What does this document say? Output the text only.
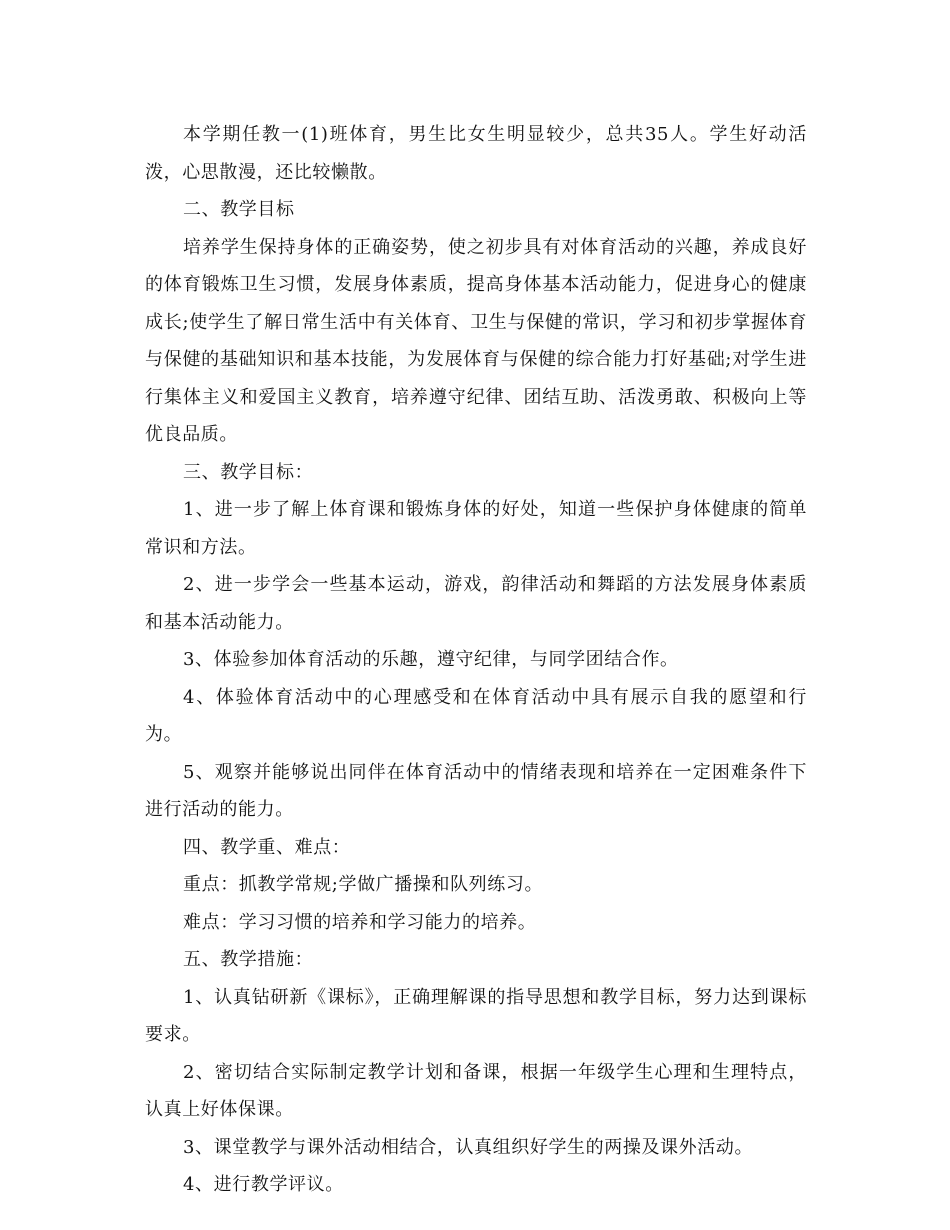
本学期任教一(1)班体育，男生比女生明显较少，总共35人。学生好动活泼，心思散漫，还比较懒散。

二、教学目标

培养学生保持身体的正确姿势，使之初步具有对体育活动的兴趣，养成良好的体育锻炼卫生习惯，发展身体素质，提高身体基本活动能力，促进身心的健康成长;使学生了解日常生活中有关体育、卫生与保健的常识，学习和初步掌握体育与保健的基础知识和基本技能，为发展体育与保健的综合能力打好基础;对学生进行集体主义和爱国主义教育，培养遵守纪律、团结互助、活泼勇敢、积极向上等优良品质。

三、教学目标：

1、进一步了解上体育课和锻炼身体的好处，知道一些保护身体健康的简单常识和方法。

2、进一步学会一些基本运动，游戏，韵律活动和舞蹈的方法发展身体素质和基本活动能力。

3、体验参加体育活动的乐趣，遵守纪律，与同学团结合作。

4、体验体育活动中的心理感受和在体育活动中具有展示自我的愿望和行为。

5、观察并能够说出同伴在体育活动中的情绪表现和培养在一定困难条件下进行活动的能力。

四、教学重、难点：

重点：抓教学常规;学做广播操和队列练习。

难点：学习习惯的培养和学习能力的培养。

五、教学措施：

1、认真钻研新《课标》，正确理解课的指导思想和教学目标，努力达到课标要求。

2、密切结合实际制定教学计划和备课，根据一年级学生心理和生理特点，认真上好体保课。

3、课堂教学与课外活动相结合，认真组织好学生的两操及课外活动。

4、进行教学评议。
